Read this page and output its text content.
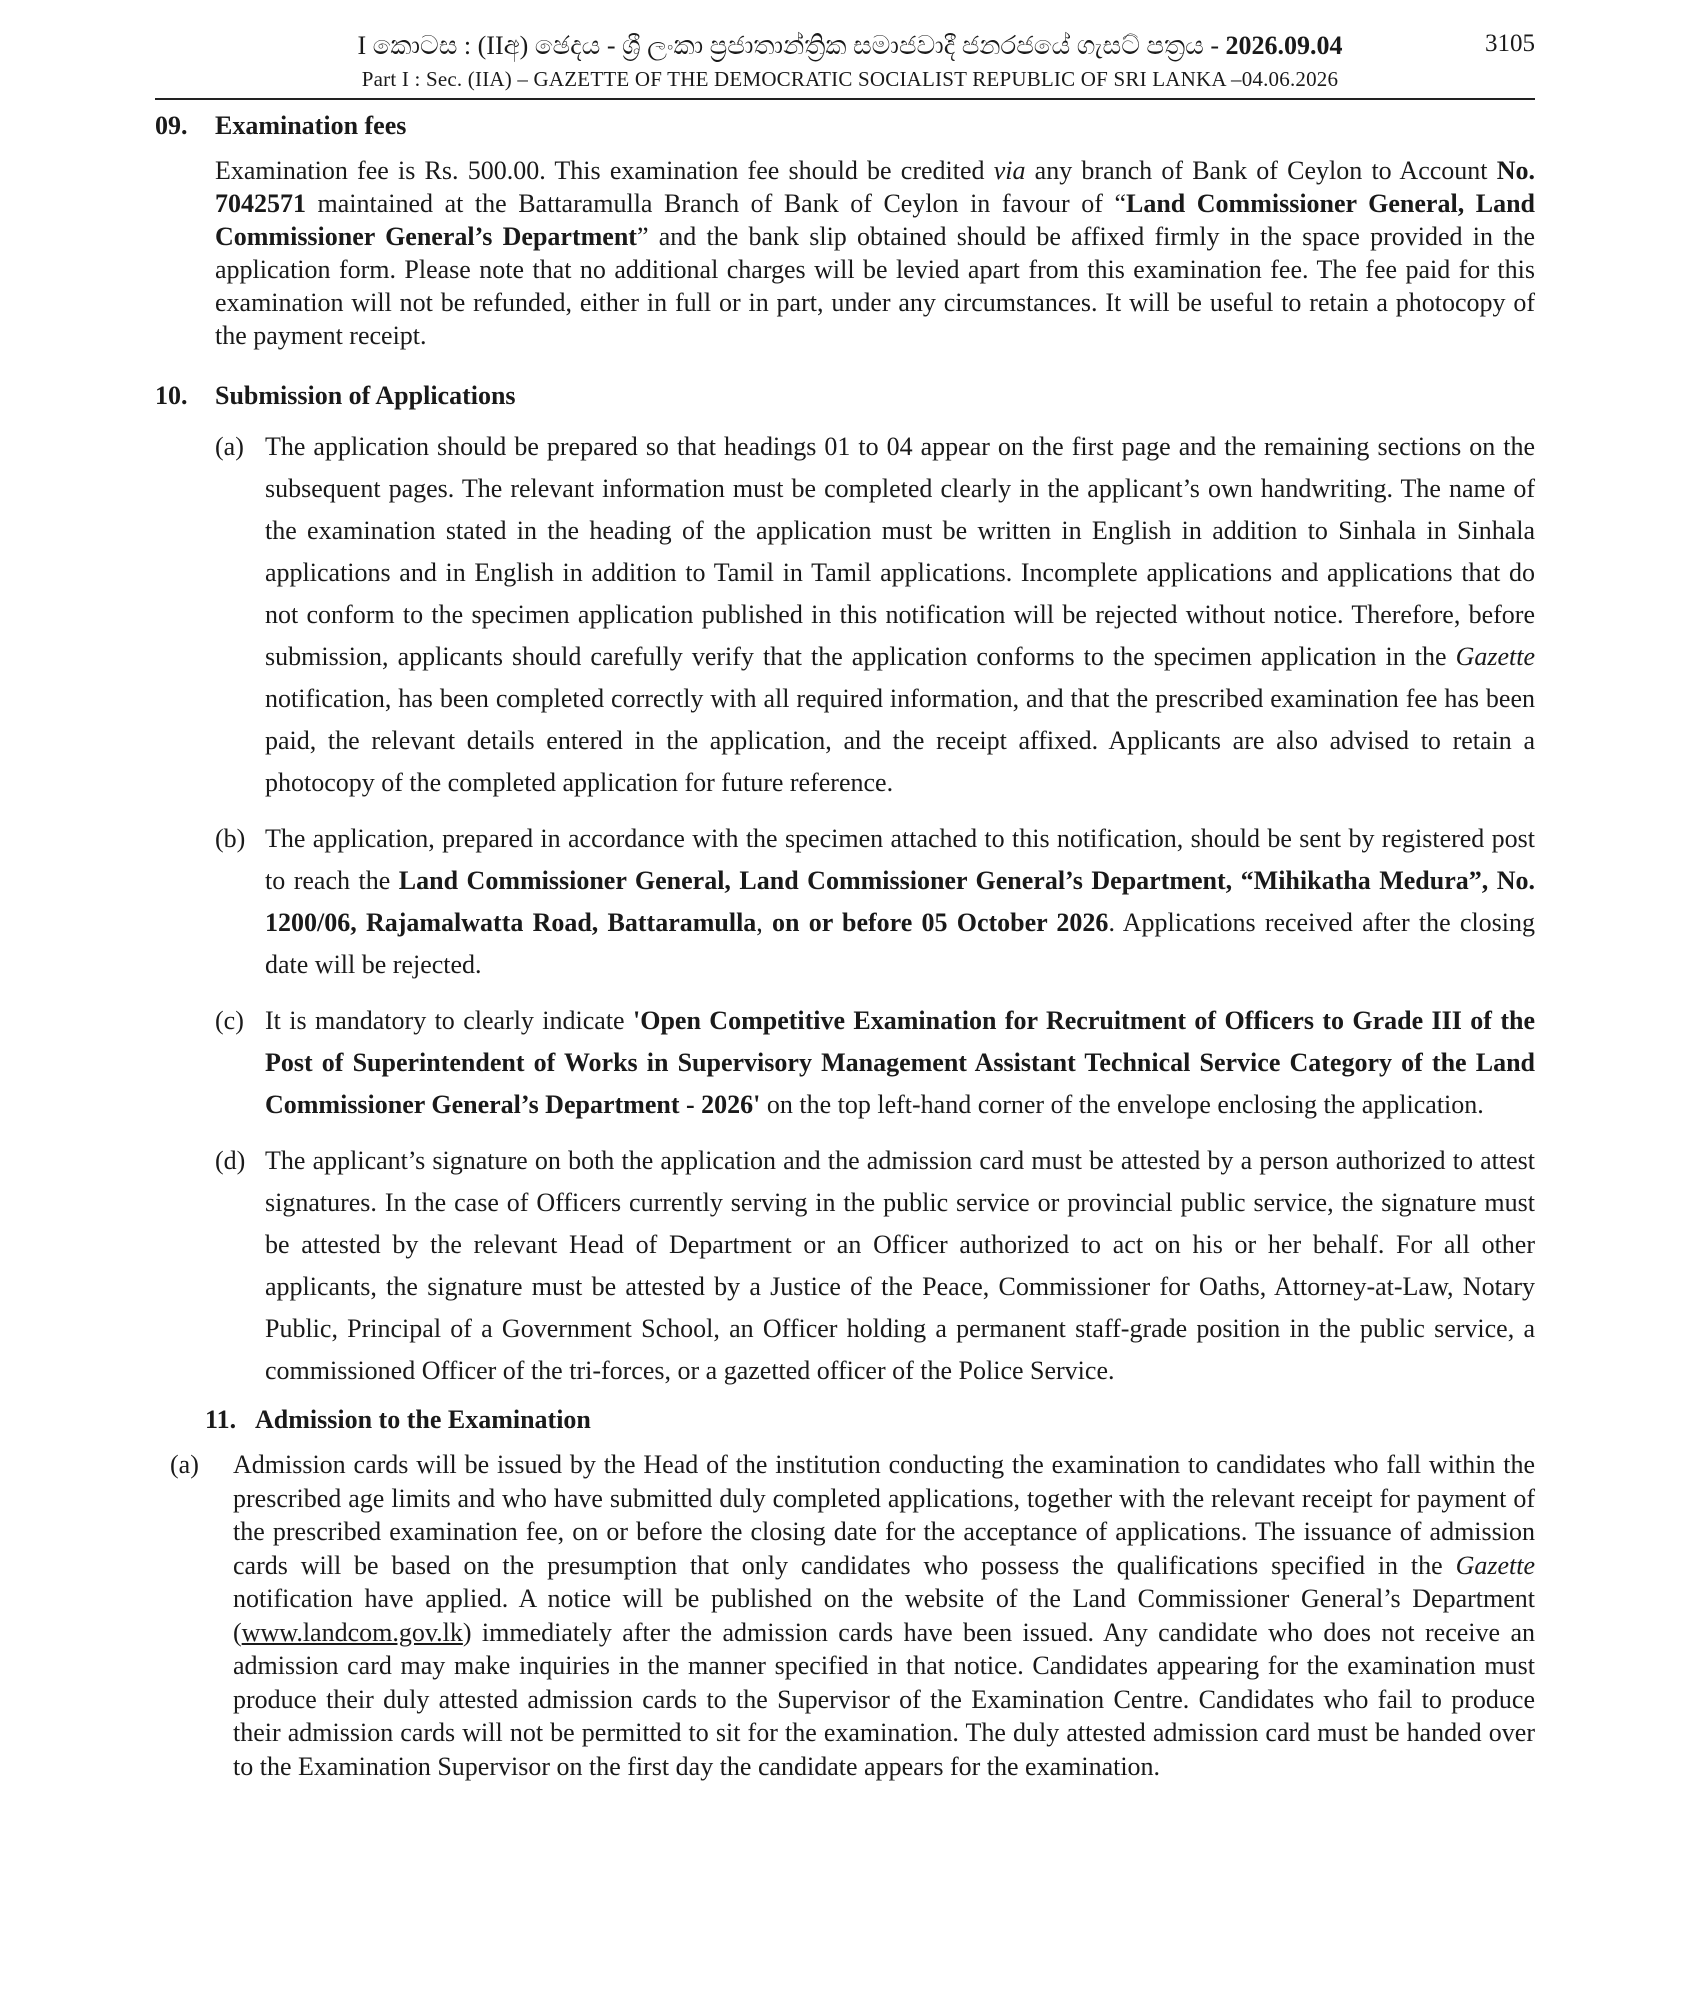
I කොටස : (IIඅ) ඡෙදය - ශ්‍රී ලංකා ප්‍රජාතාන්ත්‍රික සමාජවාදී ජනරජයේ ගැසට් පත්‍රය - 2026.09.04
Part I : Sec. (IIA) – GAZETTE OF THE DEMOCRATIC SOCIALIST REPUBLIC OF SRI LANKA –04.06.2026
3105
09. Examination fees
Examination fee is Rs. 500.00. This examination fee should be credited via any branch of Bank of Ceylon to Account No. 7042571 maintained at the Battaramulla Branch of Bank of Ceylon in favour of “Land Commissioner General, Land Commissioner General’s Department” and the bank slip obtained should be affixed firmly in the space provided in the application form. Please note that no additional charges will be levied apart from this examination fee. The fee paid for this examination will not be refunded, either in full or in part, under any circumstances. It will be useful to retain a photocopy of the payment receipt.
10. Submission of Applications
(a) The application should be prepared so that headings 01 to 04 appear on the first page and the remaining sections on the subsequent pages. The relevant information must be completed clearly in the applicant’s own handwriting. The name of the examination stated in the heading of the application must be written in English in addition to Sinhala in Sinhala applications and in English in addition to Tamil in Tamil applications. Incomplete applications and applications that do not conform to the specimen application published in this notification will be rejected without notice. Therefore, before submission, applicants should carefully verify that the application conforms to the specimen application in the Gazette notification, has been completed correctly with all required information, and that the prescribed examination fee has been paid, the relevant details entered in the application, and the receipt affixed. Applicants are also advised to retain a photocopy of the completed application for future reference.
(b) The application, prepared in accordance with the specimen attached to this notification, should be sent by registered post to reach the Land Commissioner General, Land Commissioner General’s Department, “Mihikatha Medura”, No. 1200/06, Rajamalwatta Road, Battaramulla, on or before 05 October 2026. Applications received after the closing date will be rejected.
(c) It is mandatory to clearly indicate 'Open Competitive Examination for Recruitment of Officers to Grade III of the Post of Superintendent of Works in Supervisory Management Assistant Technical Service Category of the Land Commissioner General’s Department - 2026' on the top left-hand corner of the envelope enclosing the application.
(d) The applicant’s signature on both the application and the admission card must be attested by a person authorized to attest signatures. In the case of Officers currently serving in the public service or provincial public service, the signature must be attested by the relevant Head of Department or an Officer authorized to act on his or her behalf. For all other applicants, the signature must be attested by a Justice of the Peace, Commissioner for Oaths, Attorney-at-Law, Notary Public, Principal of a Government School, an Officer holding a permanent staff-grade position in the public service, a commissioned Officer of the tri-forces, or a gazetted officer of the Police Service.
11. Admission to the Examination
(a) Admission cards will be issued by the Head of the institution conducting the examination to candidates who fall within the prescribed age limits and who have submitted duly completed applications, together with the relevant receipt for payment of the prescribed examination fee, on or before the closing date for the acceptance of applications. The issuance of admission cards will be based on the presumption that only candidates who possess the qualifications specified in the Gazette notification have applied. A notice will be published on the website of the Land Commissioner General’s Department (www.landcom.gov.lk) immediately after the admission cards have been issued. Any candidate who does not receive an admission card may make inquiries in the manner specified in that notice. Candidates appearing for the examination must produce their duly attested admission cards to the Supervisor of the Examination Centre. Candidates who fail to produce their admission cards will not be permitted to sit for the examination. The duly attested admission card must be handed over to the Examination Supervisor on the first day the candidate appears for the examination.
